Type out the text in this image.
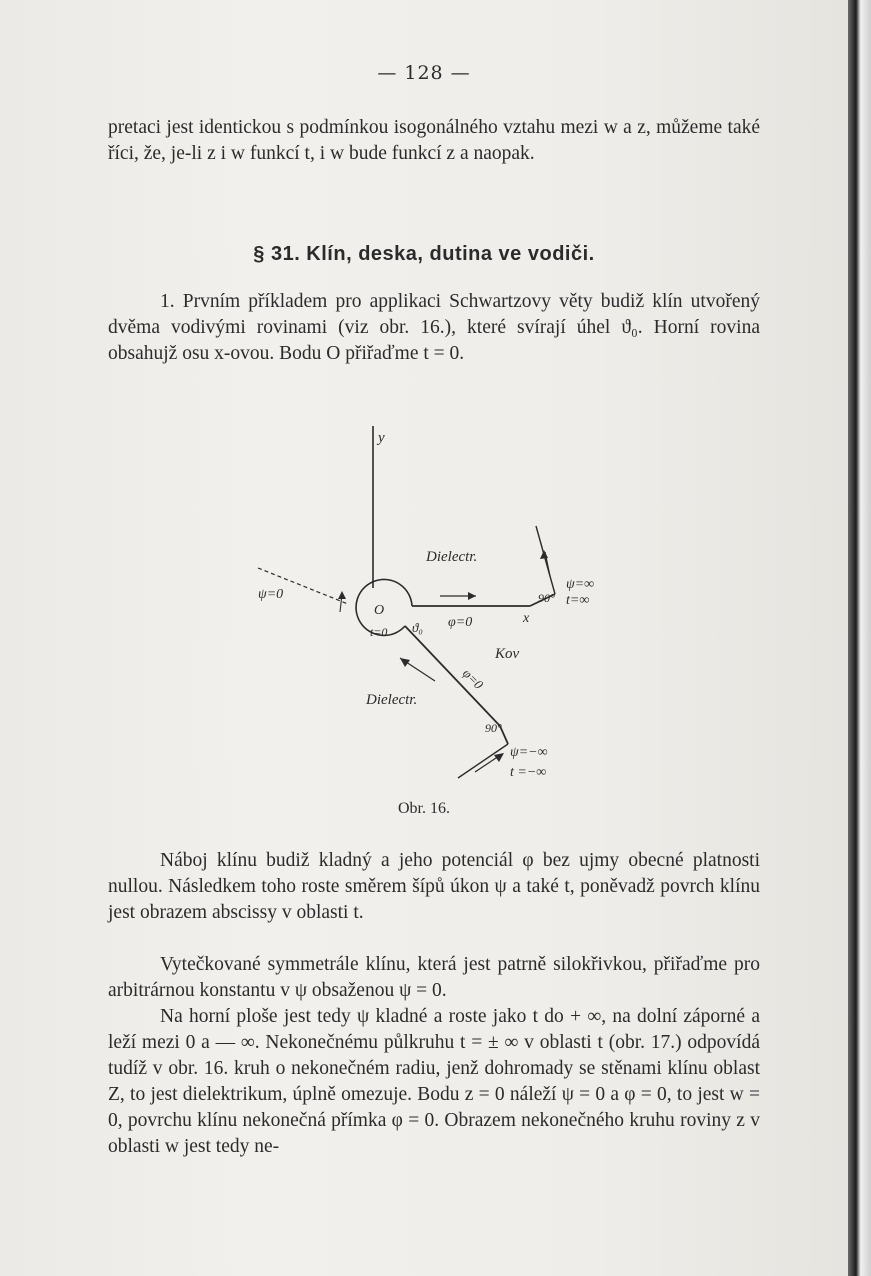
— 128 —

pretaci jest identickou s podmínkou isogonálného vztahu mezi w a z, můžeme také říci, že, je-li z i w funkcí t, i w bude funkcí z a naopak.

§ 31. Klín, deska, dutina ve vodiči.

1. Prvním příkladem pro applikaci Schwartzovy věty budiž klín utvořený dvěma vodivými rovinami (viz obr. 16.), které svírají úhel ϑ₀. Horní rovina obsahujž osu x-ovou. Bodu O přiřaďme t = 0.

y
Dielectr.
Dielectr.
Kov
O
t=0
ψ=0
φ=0
φ=0
ϑ₀
x
90°
90°
ψ=∞
t=∞
ψ=−∞
t =−∞
Obr. 16.

Náboj klínu budiž kladný a jeho potenciál φ bez ujmy obecné platnosti nullou. Následkem toho roste směrem šípů úkon ψ a také t, poněvadž povrch klínu jest obrazem abscissy v oblasti t.

Vytečkované symmetrále klínu, která jest patrně silokřivkou, přiřaďme pro arbitrárnou konstantu v ψ obsaženou ψ = 0.

Na horní ploše jest tedy ψ kladné a roste jako t do + ∞, na dolní záporné a leží mezi 0 a — ∞. Nekonečnému půlkruhu t = ± ∞ v oblasti t (obr. 17.) odpovídá tudíž v obr. 16. kruh o nekonečném radiu, jenž dohromady se stěnami klínu oblast Z, to jest dielektrikum, úplně omezuje. Bodu z = 0 náleží ψ = 0 a φ = 0, to jest w = 0, povrchu klínu nekonečná přímka φ = 0. Obrazem nekonečného kruhu roviny z v oblasti w jest tedy ne-
